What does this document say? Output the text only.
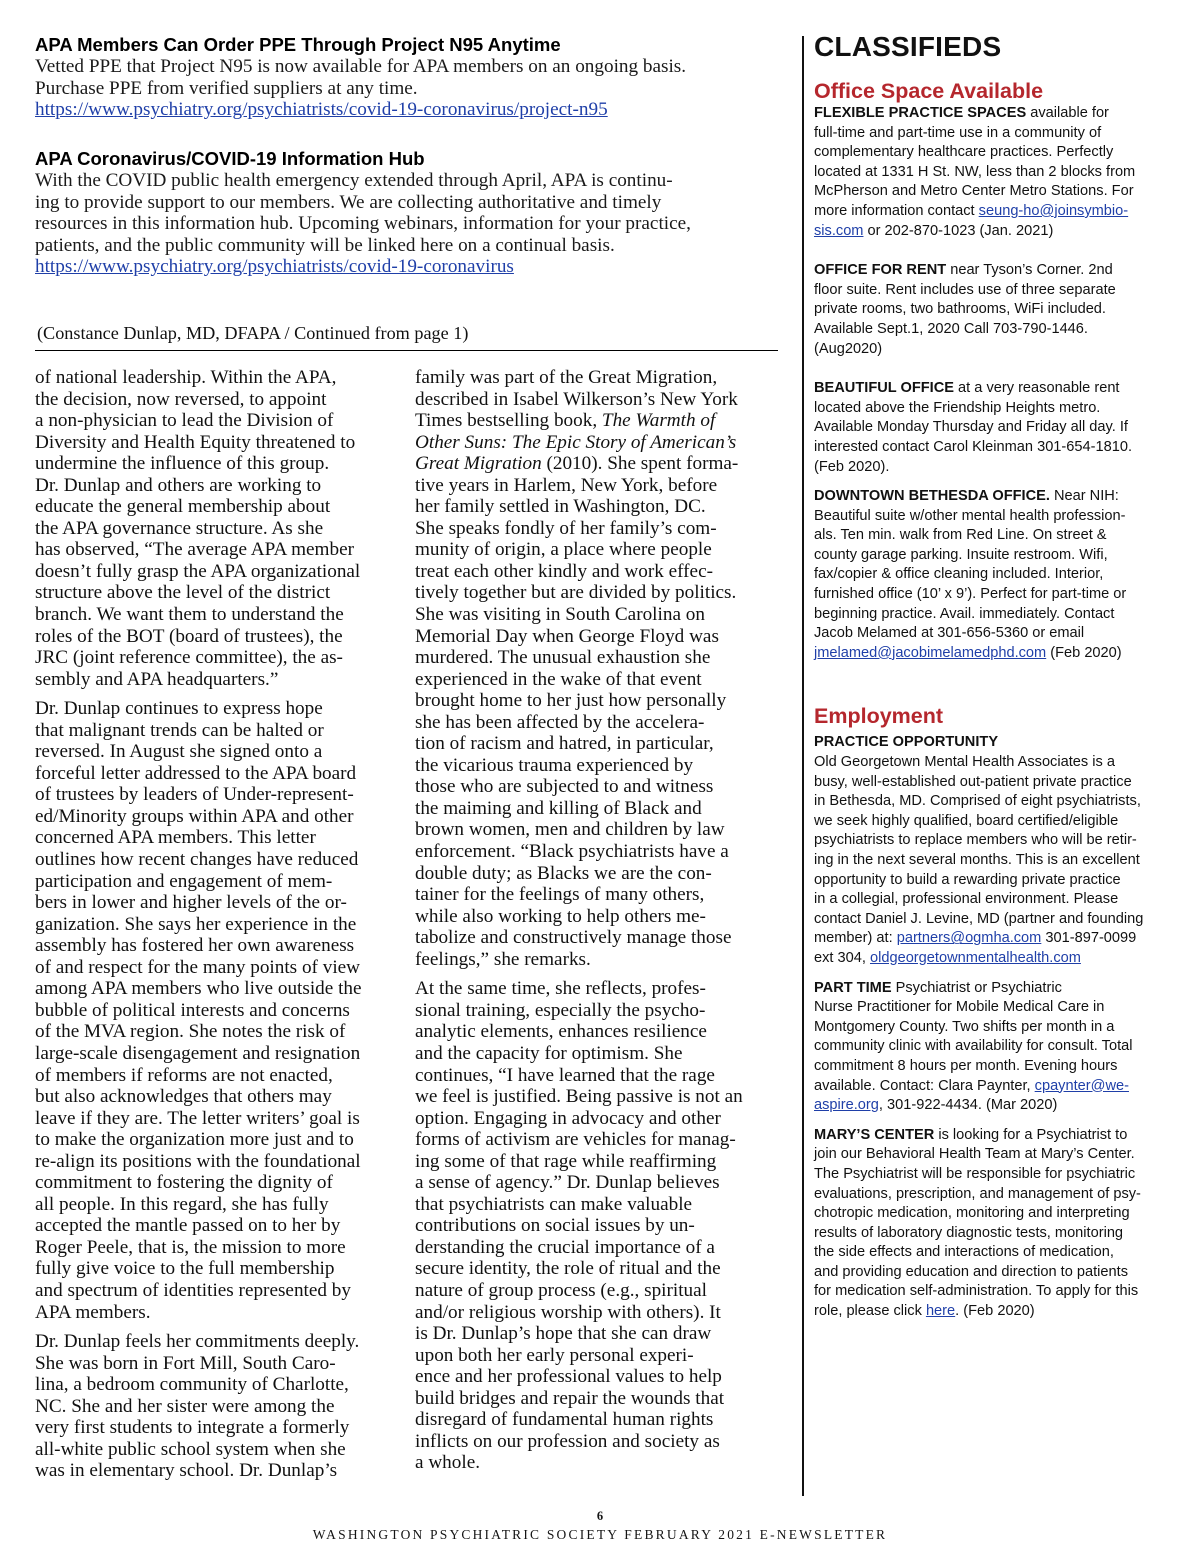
APA Members Can Order PPE Through Project N95 Anytime

Vetted PPE that Project N95 is now available for APA members on an ongoing basis.

Purchase PPE from verified suppliers at any time.

https://www.psychiatry.org/psychiatrists/covid-19-coronavirus/project-n95
APA Coronavirus/COVID-19 Information Hub

With the COVID public health emergency extended through April, APA is continu-

ing to provide support to our members. We are collecting authoritative and timely

resources in this information hub. Upcoming webinars, information for your practice,

patients, and the public community will be linked here on a continual basis.

https://www.psychiatry.org/psychiatrists/covid-19-coronavirus
(Constance Dunlap, MD, DFAPA / Continued from page 1)

of national leadership. Within the APA,
the decision, now reversed, to appoint
a non-physician to lead the Division of
Diversity and Health Equity threatened to
undermine the influence of this group.
Dr. Dunlap and others are working to
educate the general membership about
the APA governance structure. As she
has observed, “The average APA member
doesn’t fully grasp the APA organizational
structure above the level of the district
branch. We want them to understand the
roles of the BOT (board of trustees), the
JRC (joint reference committee), the as-
sembly and APA headquarters.”

Dr. Dunlap continues to express hope
that malignant trends can be halted or
reversed. In August she signed onto a
forceful letter addressed to the APA board
of trustees by leaders of Under-represent-
ed/Minority groups within APA and other
concerned APA members. This letter
outlines how recent changes have reduced
participation and engagement of mem-
bers in lower and higher levels of the or-
ganization. She says her experience in the
assembly has fostered her own awareness
of and respect for the many points of view
among APA members who live outside the
bubble of political interests and concerns
of the MVA region. She notes the risk of
large-scale disengagement and resignation
of members if reforms are not enacted,
but also acknowledges that others may
leave if they are. The letter writers’ goal is
to make the organization more just and to
re-align its positions with the foundational
commitment to fostering the dignity of
all people. In this regard, she has fully
accepted the mantle passed on to her by
Roger Peele, that is, the mission to more
fully give voice to the full membership
and spectrum of identities represented by
APA members.

Dr. Dunlap feels her commitments deeply.
She was born in Fort Mill, South Caro-
lina, a bedroom community of Charlotte,
NC. She and her sister were among the
very first students to integrate a formerly
all-white public school system when she
was in elementary school. Dr. Dunlap’s

family was part of the Great Migration,
described in Isabel Wilkerson’s New York
Times bestselling book, The Warmth of
Other Suns: The Epic Story of American’s
Great Migration (2010). She spent forma-
tive years in Harlem, New York, before
her family settled in Washington, DC.
She speaks fondly of her family’s com-
munity of origin, a place where people
treat each other kindly and work effec-
tively together but are divided by politics.
She was visiting in South Carolina on
Memorial Day when George Floyd was
murdered. The unusual exhaustion she
experienced in the wake of that event
brought home to her just how personally
she has been affected by the accelera-
tion of racism and hatred, in particular,
the vicarious trauma experienced by
those who are subjected to and witness
the maiming and killing of Black and
brown women, men and children by law
enforcement. “Black psychiatrists have a
double duty; as Blacks we are the con-
tainer for the feelings of many others,
while also working to help others me-
tabolize and constructively manage those
feelings,” she remarks.

At the same time, she reflects, profes-
sional training, especially the psycho-
analytic elements, enhances resilience
and the capacity for optimism. She
continues, “I have learned that the rage
we feel is justified. Being passive is not an
option. Engaging in advocacy and other
forms of activism are vehicles for manag-
ing some of that rage while reaffirming
a sense of agency.” Dr. Dunlap believes
that psychiatrists can make valuable
contributions on social issues by un-
derstanding the crucial importance of a
secure identity, the role of ritual and the
nature of group process (e.g., spiritual
and/or religious worship with others). It
is Dr. Dunlap’s hope that she can draw
upon both her early personal experi-
ence and her professional values to help
build bridges and repair the wounds that
disregard of fundamental human rights
inflicts on our profession and society as
a whole.

CLASSIFIEDS
Office Space Available

FLEXIBLE PRACTICE SPACES available for
full-time and part-time use in a community of
complementary healthcare practices. Perfectly
located at 1331 H St. NW, less than 2 blocks from
McPherson and Metro Center Metro Stations. For
more information contact seung-ho@joinsymbio-
sis.com or 202-870-1023 (Jan. 2021)

OFFICE FOR RENT near Tyson’s Corner. 2nd
floor suite. Rent includes use of three separate
private rooms, two bathrooms, WiFi included.
Available Sept.1, 2020 Call 703-790-1446.
(Aug2020)

BEAUTIFUL OFFICE at a very reasonable rent
located above the Friendship Heights metro.
Available Monday Thursday and Friday all day. If
interested contact Carol Kleinman 301-654-1810.
(Feb 2020).

DOWNTOWN BETHESDA OFFICE. Near NIH:
Beautiful suite w/other mental health profession-
als. Ten min. walk from Red Line. On street &
county garage parking. Insuite restroom. Wifi,
fax/copier & office cleaning included. Interior,
furnished office (10’ x 9’). Perfect for part-time or
beginning practice. Avail. immediately. Contact
Jacob Melamed at 301-656-5360 or email
jmelamed@jacobimelamedphd.com (Feb 2020)

Employment

PRACTICE OPPORTUNITY
Old Georgetown Mental Health Associates is a
busy, well-established out-patient private practice
in Bethesda, MD. Comprised of eight psychiatrists,
we seek highly qualified, board certified/eligible
psychiatrists to replace members who will be retir-
ing in the next several months. This is an excellent
opportunity to build a rewarding private practice
in a collegial, professional environment. Please
contact Daniel J. Levine, MD (partner and founding
member) at: partners@ogmha.com 301-897-0099
ext 304, oldgeorgetownmentalhealth.com

PART TIME Psychiatrist or Psychiatric
Nurse Practitioner for Mobile Medical Care in
Montgomery County. Two shifts per month in a
community clinic with availability for consult. Total
commitment 8 hours per month. Evening hours
available. Contact: Clara Paynter, cpaynter@we-
aspire.org, 301-922-4434. (Mar 2020)

MARY’S CENTER is looking for a Psychiatrist to
join our Behavioral Health Team at Mary’s Center.
The Psychiatrist will be responsible for psychiatric
evaluations, prescription, and management of psy-
chotropic medication, monitoring and interpreting
results of laboratory diagnostic tests, monitoring
the side effects and interactions of medication,
and providing education and direction to patients
for medication self-administration. To apply for this
role, please click here. (Feb 2020)

6
WASHINGTON PSYCHIATRIC SOCIETY FEBRUARY 2021 E-NEWSLETTER
